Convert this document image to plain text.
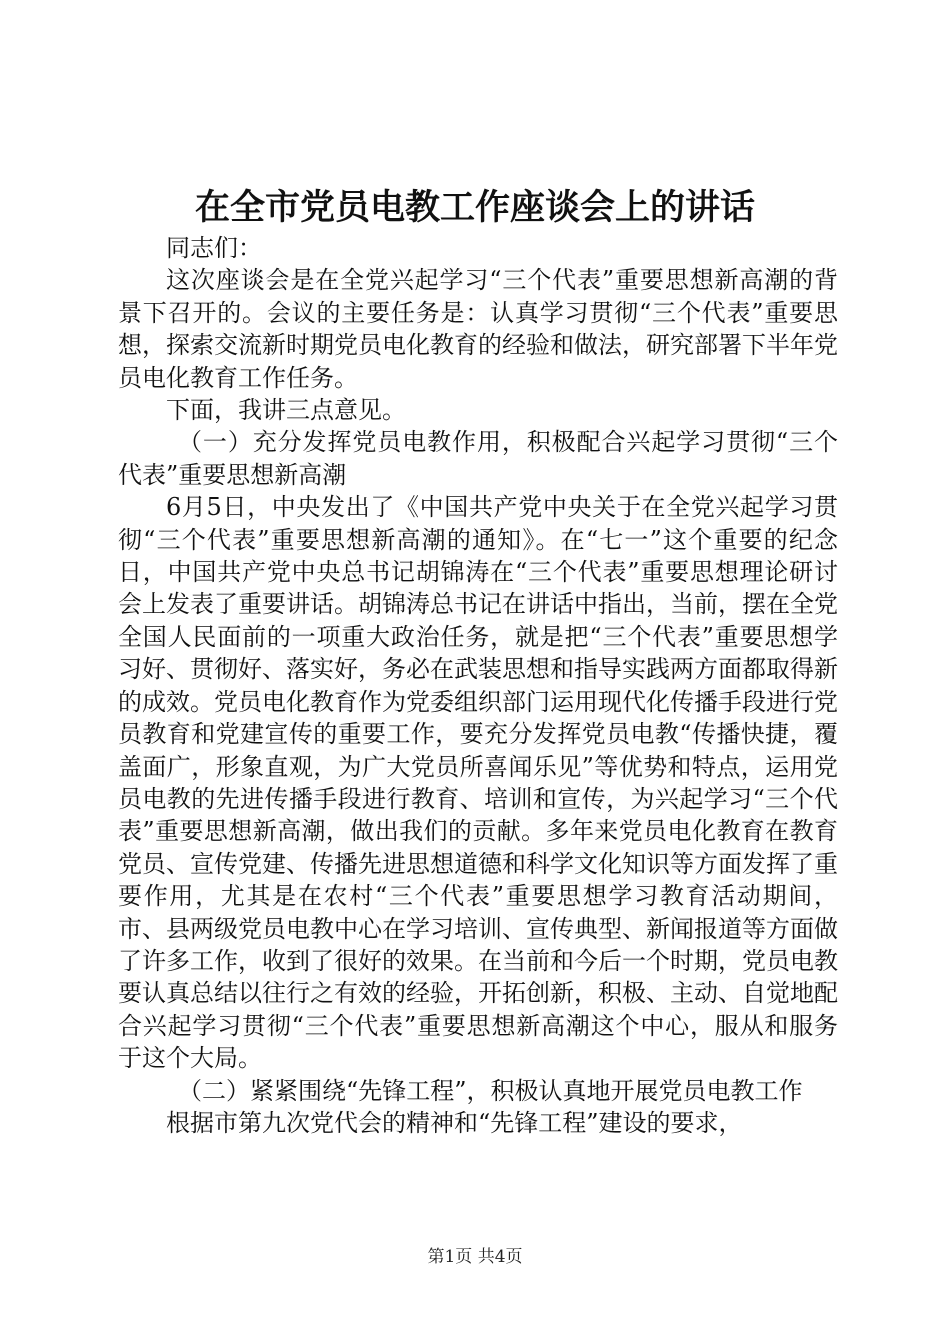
在全市党员电教工作座谈会上的讲话

同志们：

这次座谈会是在全党兴起学习“三个代表”重要思想新高潮的背景下召开的。会议的主要任务是：认真学习贯彻“三个代表”重要思想，探索交流新时期党员电化教育的经验和做法，研究部署下半年党员电化教育工作任务。

下面，我讲三点意见。

（一）充分发挥党员电教作用，积极配合兴起学习贯彻“三个代表”重要思想新高潮

6月5日，中央发出了《中国共产党中央关于在全党兴起学习贯彻“三个代表”重要思想新高潮的通知》。在“七一”这个重要的纪念日，中国共产党中央总书记胡锦涛在“三个代表”重要思想理论研讨会上发表了重要讲话。胡锦涛总书记在讲话中指出，当前，摆在全党全国人民面前的一项重大政治任务，就是把“三个代表”重要思想学习好、贯彻好、落实好，务必在武装思想和指导实践两方面都取得新的成效。党员电化教育作为党委组织部门运用现代化传播手段进行党员教育和党建宣传的重要工作，要充分发挥党员电教“传播快捷，覆盖面广，形象直观，为广大党员所喜闻乐见”等优势和特点，运用党员电教的先进传播手段进行教育、培训和宣传，为兴起学习“三个代表”重要思想新高潮，做出我们的贡献。多年来党员电化教育在教育党员、宣传党建、传播先进思想道德和科学文化知识等方面发挥了重要作用，尤其是在农村“三个代表”重要思想学习教育活动期间，市、县两级党员电教中心在学习培训、宣传典型、新闻报道等方面做了许多工作，收到了很好的效果。在当前和今后一个时期，党员电教要认真总结以往行之有效的经验，开拓创新，积极、主动、自觉地配合兴起学习贯彻“三个代表”重要思想新高潮这个中心，服从和服务于这个大局。

（二）紧紧围绕“先锋工程”，积极认真地开展党员电教工作

根据市第九次党代会的精神和“先锋工程”建设的要求，

第1页 共4页
